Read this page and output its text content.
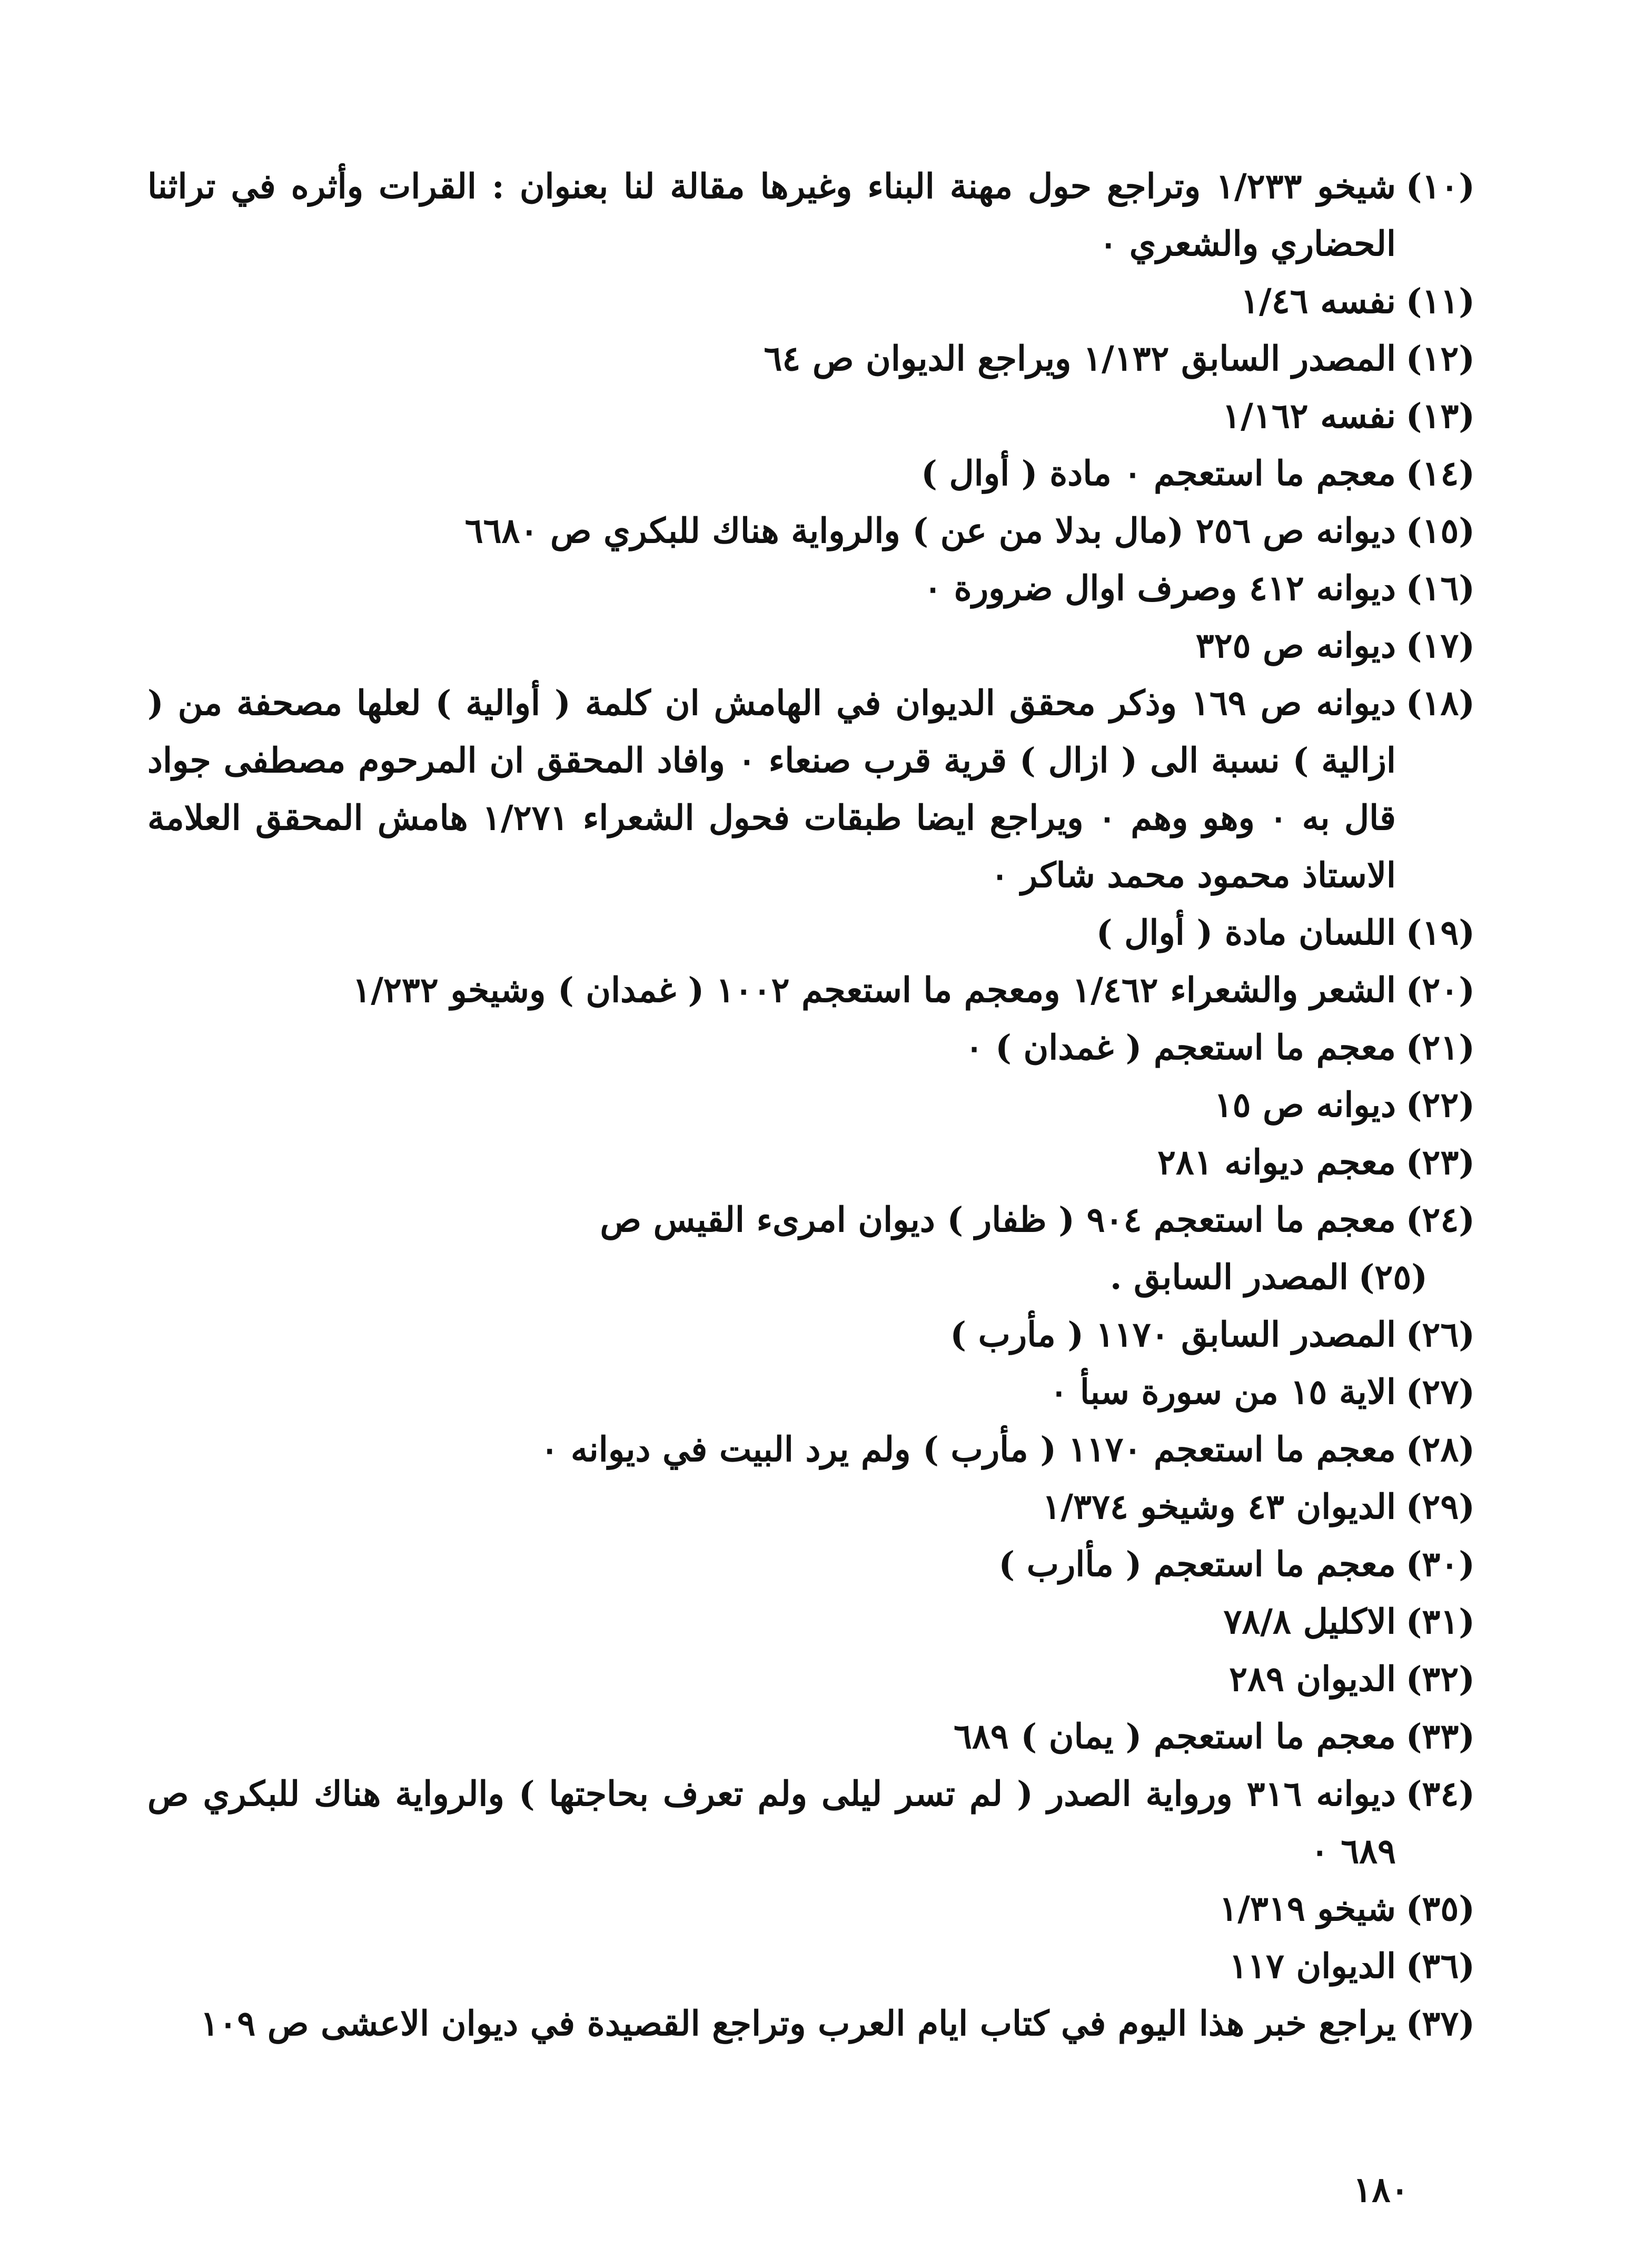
(١٠)
شيخو ١/٢٣٣ وتراجع حول مهنة البناء وغيرها مقالة لنا بعنوان : القرات وأثره في تراثنا الحضاري والشعري ٠
(١١)
نفسه ١/٤٦
(١٢)
المصدر السابق ١/١٣٢ ويراجع الديوان ص ٦٤
(١٣)
نفسه ١/١٦٢
(١٤)
معجم ما استعجم ٠ مادة ( أوال )
(١٥)
ديوانه ص ٢٥٦ (مال بدلا من عن ) والرواية هناك للبكري ص ٦٦٨٠
(١٦)
ديوانه ٤١٢ وصرف اوال ضرورة ٠
(١٧)
ديوانه ص ٣٢٥
(١٨)
ديوانه ص ١٦٩ وذكر محقق الديوان في الهامش ان كلمة ( أوالية ) لعلها مصحفة من ( ازالية ) نسبة الى ( ازال ) قرية قرب صنعاء ٠ وافاد المحقق ان المرحوم مصطفى جواد قال به ٠ وهو وهم ٠ ويراجع ايضا طبقات فحول الشعراء ١/٢٧١ هامش المحقق العلامة الاستاذ محمود محمد شاكر ٠
(١٩)
اللسان مادة ( أوال )
(٢٠)
الشعر والشعراء ١/٤٦٢ ومعجم ما استعجم ١٠٠٢ ( غمدان ) وشيخو ١/٢٣٢
(٢١)
معجم ما استعجم ( غمدان ) ٠
(٢٢)
ديوانه ص ١٥
(٢٣)
معجم ديوانه ٢٨١
(٢٤)
معجم ما استعجم ٩٠٤ ( ظفار ) ديوان امرىء القيس ص
(٢٥)
المصدر السابق .
(٢٦)
المصدر السابق ١١٧٠ ( مأرب )
(٢٧)
الاية ١٥ من سورة سبأ ٠
(٢٨)
معجم ما استعجم ١١٧٠ ( مأرب ) ولم يرد البيت في ديوانه ٠
(٢٩)
الديوان ٤٣ وشيخو ١/٣٧٤
(٣٠)
معجم ما استعجم ( مأارب )
(٣١)
الاكليل ٧٨/٨
(٣٢)
الديوان ٢٨٩
(٣٣)
معجم ما استعجم ( يمان ) ٦٨٩
(٣٤)
ديوانه ٣١٦ ورواية الصدر ( لم تسر ليلى ولم تعرف بحاجتها ) والرواية هناك للبكري ص ٦٨٩ ٠
(٣٥)
شيخو ١/٣١٩
(٣٦)
الديوان ١١٧
(٣٧)
يراجع خبر هذا اليوم في كتاب ايام العرب وتراجع القصيدة في ديوان الاعشى ص ١٠٩
١٨٠
